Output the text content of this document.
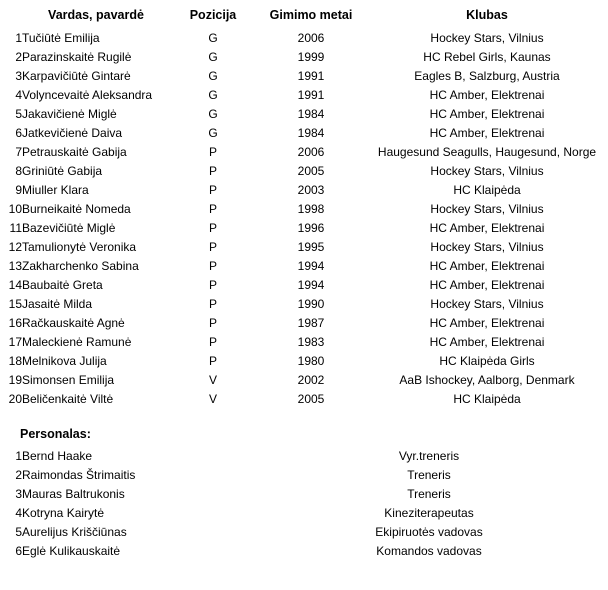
	Vardas, pavardė	Pozicija	Gimimo metai	Klubas
1	Tučiūtė Emilija	G	2006	Hockey Stars, Vilnius
2	Parazinskaitė Rugilė	G	1999	HC Rebel Girls, Kaunas
3	Karpavičiūtė Gintarė	G	1991	Eagles B, Salzburg, Austria
4	Volyncevaitė Aleksandra	G	1991	HC Amber, Elektrenai
5	Jakavičienė Miglė	G	1984	HC Amber, Elektrenai
6	Jatkevičienė Daiva	G	1984	HC Amber, Elektrenai
7	Petrauskaitė Gabija	P	2006	Haugesund Seagulls, Haugesund, Norge
8	Griniūtė Gabija	P	2005	Hockey Stars, Vilnius
9	Miuller Klara	P	2003	HC Klaipėda
10	Burneikaitė Nomeda	P	1998	Hockey Stars, Vilnius
11	Bazevičiūtė Miglė	P	1996	HC Amber, Elektrenai
12	Tamulionytė Veronika	P	1995	Hockey Stars, Vilnius
13	Zakharchenko Sabina	P	1994	HC Amber, Elektrenai
14	Baubaitė Greta	P	1994	HC Amber, Elektrenai
15	Jasaitė Milda	P	1990	Hockey Stars, Vilnius
16	Račkauskaitė Agnė	P	1987	HC Amber, Elektrenai
17	Maleckienė Ramunė	P	1983	HC Amber, Elektrenai
18	Melnikova Julija	P	1980	HC Klaipėda Girls
19	Simonsen Emilija	V	2002	AaB Ishockey, Aalborg, Denmark
20	Beličenkaitė Viltė	V	2005	HC Klaipėda
Personalas:
1	Bernd Haake	Vyr.treneris
2	Raimondas Štrimaitis	Treneris
3	Mauras Baltrukonis	Treneris
4	Kotryna Kairytė	Kineziterapeutas
5	Aurelijus Kriščiūnas	Ekipiruotės vadovas
6	Eglė Kulikauskaitė	Komandos vadovas
